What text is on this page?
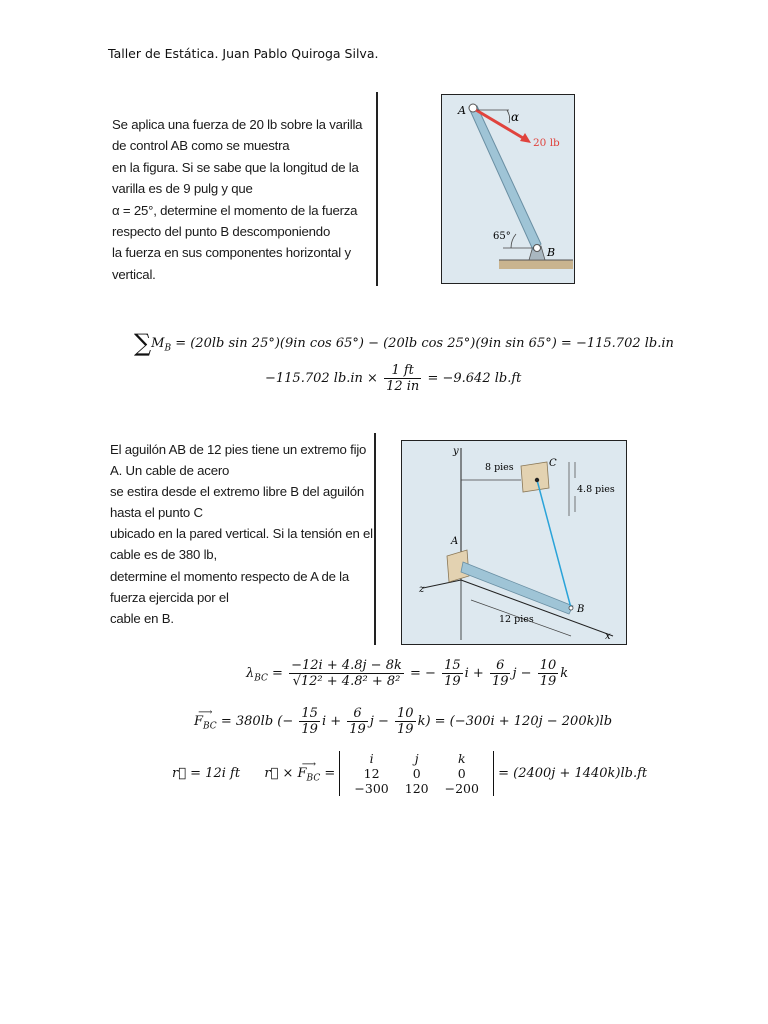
Taller de Estática. Juan Pablo Quiroga Silva.
Se aplica una fuerza de 20 lb sobre la varilla
de control AB como se muestra
en la figura. Si se sabe que la longitud de la
varilla es de 9 pulg y que
α = 25°, determine el momento de la fuerza
respecto del punto B descomponiendo
la fuerza en sus componentes horizontal y
vertical.
A	α
20 lb
65°
B
$\sum M_B = (20lb$ sin 25°)(9in cos 65°) − (20lb cos 25°)(9in sin 65°) = −115.702 lb.in
−115.702 $lb.in \times \frac{1 ft}{12 in} = -9.642$ lb.ft
El aguilón AB de 12 pies tiene un extremo fijo
A. Un cable de acero
se estira desde el extremo libre B del aguilón
hasta el punto C
ubicado en la pared vertical. Si la tensión en el
cable es de 380 lb,
determine el momento respecto de A de la
fuerza ejercida por el
cable en B.
y
x
z
A
B
C
8 pies
4.8 pies
12 pies
$\lambda_{BC} = \frac{-12i + 4.8j - 8k}{\text{√12² + 4.8² + 8²}}$ = − $\frac{15}{19}$ $i + \frac{6}{19}$ $j - \frac{10}{19}$ k
⟶
$F_{BC} = 380lb$ (− $\frac{15}{19}$ $i + \frac{6}{19}$ $j - \frac{10}{19} k) = (-300i + 120j - 200k)lb$
r⃗ = 12i ft r⃗ ×
⟶
$F_{BC}$ =
i	j	k
12	0	0
−300	120	−200
= (2400j + 1440k)lb.ft
